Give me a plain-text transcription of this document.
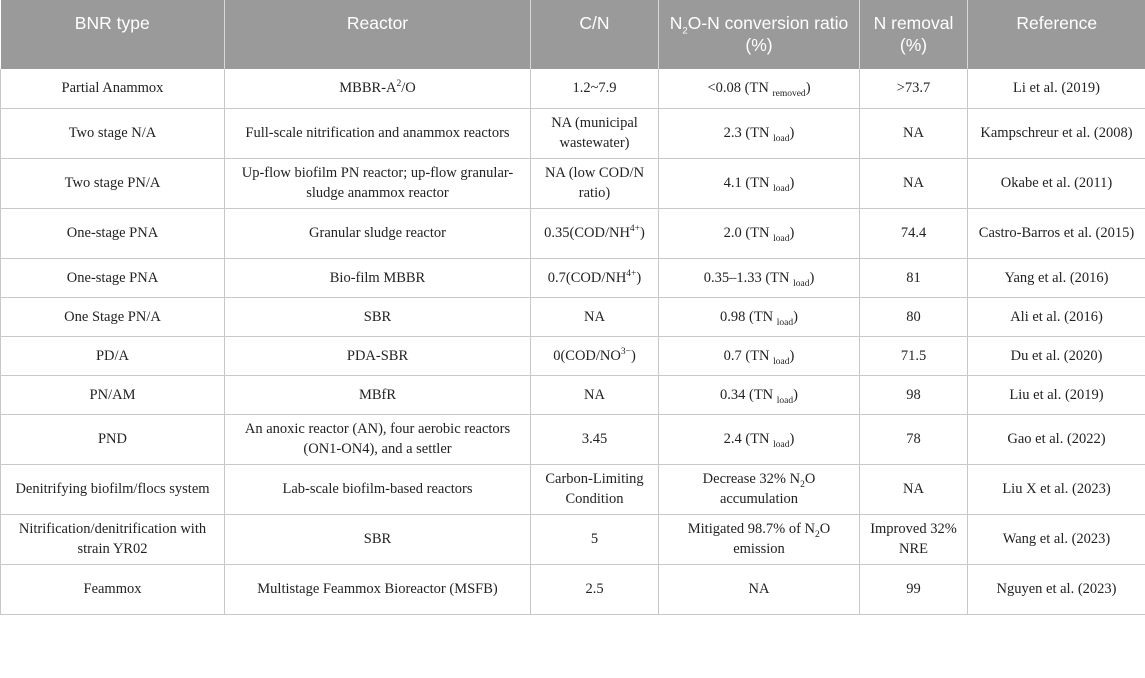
BNR type	Reactor	C/N	$N_2O-N$ conversion ratio (%)	N removal (%)	Reference
Partial Anammox	MBBR-$A^2/O$	1.2~7.9	<0.08 (TN $_{removed}$)	>73.7	Li et al. (2019)
Two stage N/A	Full-scale nitrification and anammox reactors	NA (municipal wastewater)	2.3 (TN $_{load}$)	NA	Kampschreur et al. (2008)
Two stage PN/A	Up-flow biofilm PN reactor; up-flow granular-sludge anammox reactor	NA (low COD/N ratio)	4.1 (TN $_{load}$)	NA	Okabe et al. (2011)
One-stage PNA	Granular sludge reactor	$0.35(COD/NH^{4+})$	2.0 (TN $_{load}$)	74.4	Castro-Barros et al. (2015)
One-stage PNA	Bio-film MBBR	$0.7(COD/NH^{4+})$	0.35–1.33 (TN $_{load}$)	81	Yang et al. (2016)
One Stage PN/A	SBR	NA	0.98 (TN $_{load}$)	80	Ali et al. (2016)
PD/A	PDA-SBR	$0(COD/NO^{3-})$	0.7 (TN $_{load}$)	71.5	Du et al. (2020)
PN/AM	MBfR	NA	0.34 (TN $_{load}$)	98	Liu et al. (2019)
PND	An anoxic reactor (AN), four aerobic reactors (ON1-ON4), and a settler	3.45	2.4 (TN $_{load}$)	78	Gao et al. (2022)
Denitrifying biofilm/flocs system	Lab-scale biofilm-based reactors	Carbon-Limiting Condition	Decrease 32% $N_2O$ accumulation	NA	Liu X et al. (2023)
Nitrification/denitrification with strain YR02	SBR	5	Mitigated 98.7% of $N_2O$ emission	Improved 32% NRE	Wang et al. (2023)
Feammox	Multistage Feammox Bioreactor (MSFB)	2.5	NA	99	Nguyen et al. (2023)
